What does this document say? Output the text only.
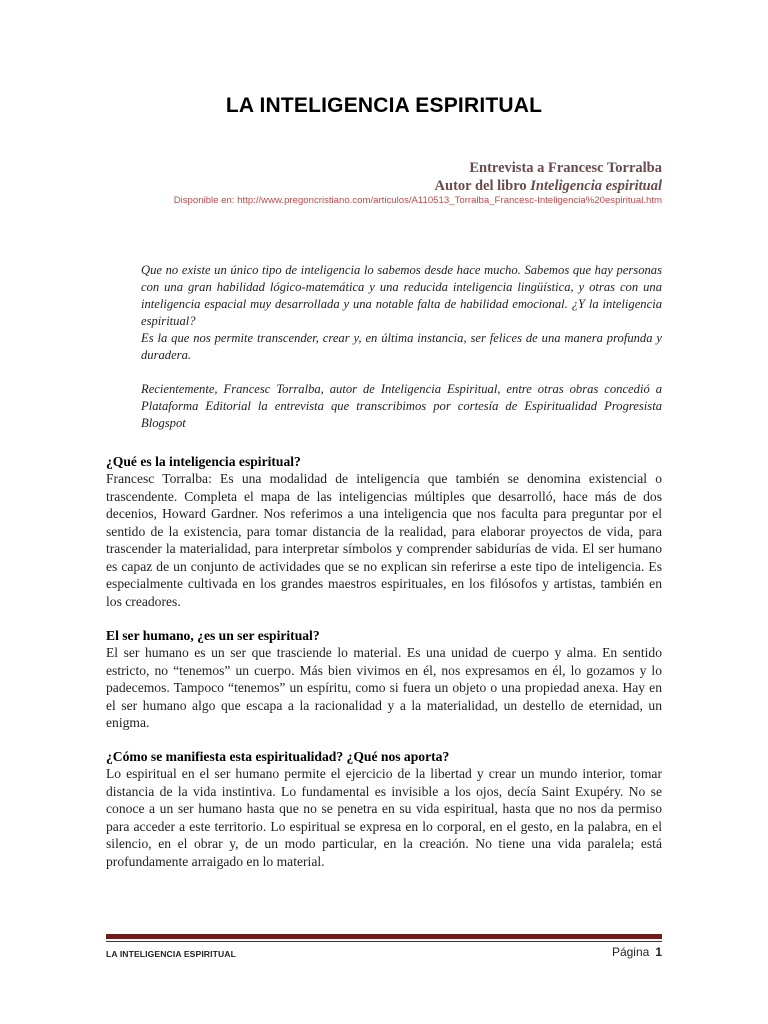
LA INTELIGENCIA ESPIRITUAL
Entrevista a Francesc Torralba
Autor del libro Inteligencia espiritual
Disponible en: http://www.pregoncristiano.com/articulos/A110513_Torralba_Francesc-Inteligencia%20espiritual.htm

Que no existe un único tipo de inteligencia lo sabemos desde hace mucho. Sabemos que hay personas con una gran habilidad lógico-matemática y una reducida inteligencia lingüística, y otras con una inteligencia espacial muy desarrollada y una notable falta de habilidad emocional. ¿Y la inteligencia espiritual?

Es la que nos permite transcender, crear y, en última instancia, ser felices de una manera profunda y duradera.

Recientemente, Francesc Torralba, autor de Inteligencia Espiritual, entre otras obras concedió a Plataforma Editorial la entrevista que transcribimos por cortesía de Espiritualidad Progresista Blogspot

¿Qué es la inteligencia espiritual?

Francesc Torralba: Es una modalidad de inteligencia que también se denomina existencial o trascendente. Completa el mapa de las inteligencias múltiples que desarrolló, hace más de dos decenios, Howard Gardner. Nos referimos a una inteligencia que nos faculta para preguntar por el sentido de la existencia, para tomar distancia de la realidad, para elaborar proyectos de vida, para trascender la materialidad, para interpretar símbolos y comprender sabidurías de vida. El ser humano es capaz de un conjunto de actividades que se no explican sin referirse a este tipo de inteligencia. Es especialmente cultivada en los grandes maestros espirituales, en los filósofos y artistas, también en los creadores.

El ser humano, ¿es un ser espiritual?

El ser humano es un ser que trasciende lo material. Es una unidad de cuerpo y alma. En sentido estricto, no “tenemos” un cuerpo. Más bien vivimos en él, nos expresamos en él, lo gozamos y lo padecemos. Tampoco “tenemos” un espíritu, como si fuera un objeto o una propiedad anexa. Hay en el ser humano algo que escapa a la racionalidad y a la materialidad, un destello de eternidad, un enigma.

¿Cómo se manifiesta esta espiritualidad? ¿Qué nos aporta?

Lo espiritual en el ser humano permite el ejercicio de la libertad y crear un mundo interior, tomar distancia de la vida instintiva. Lo fundamental es invisible a los ojos, decía Saint Exupéry. No se conoce a un ser humano hasta que no se penetra en su vida espiritual, hasta que no nos da permiso para acceder a este territorio. Lo espiritual se expresa en lo corporal, en el gesto, en la palabra, en el silencio, en el obrar y, de un modo particular, en la creación. No tiene una vida paralela; está profundamente arraigado en lo material.

LA INTELIGENCIA ESPIRITUAL	Página 1
